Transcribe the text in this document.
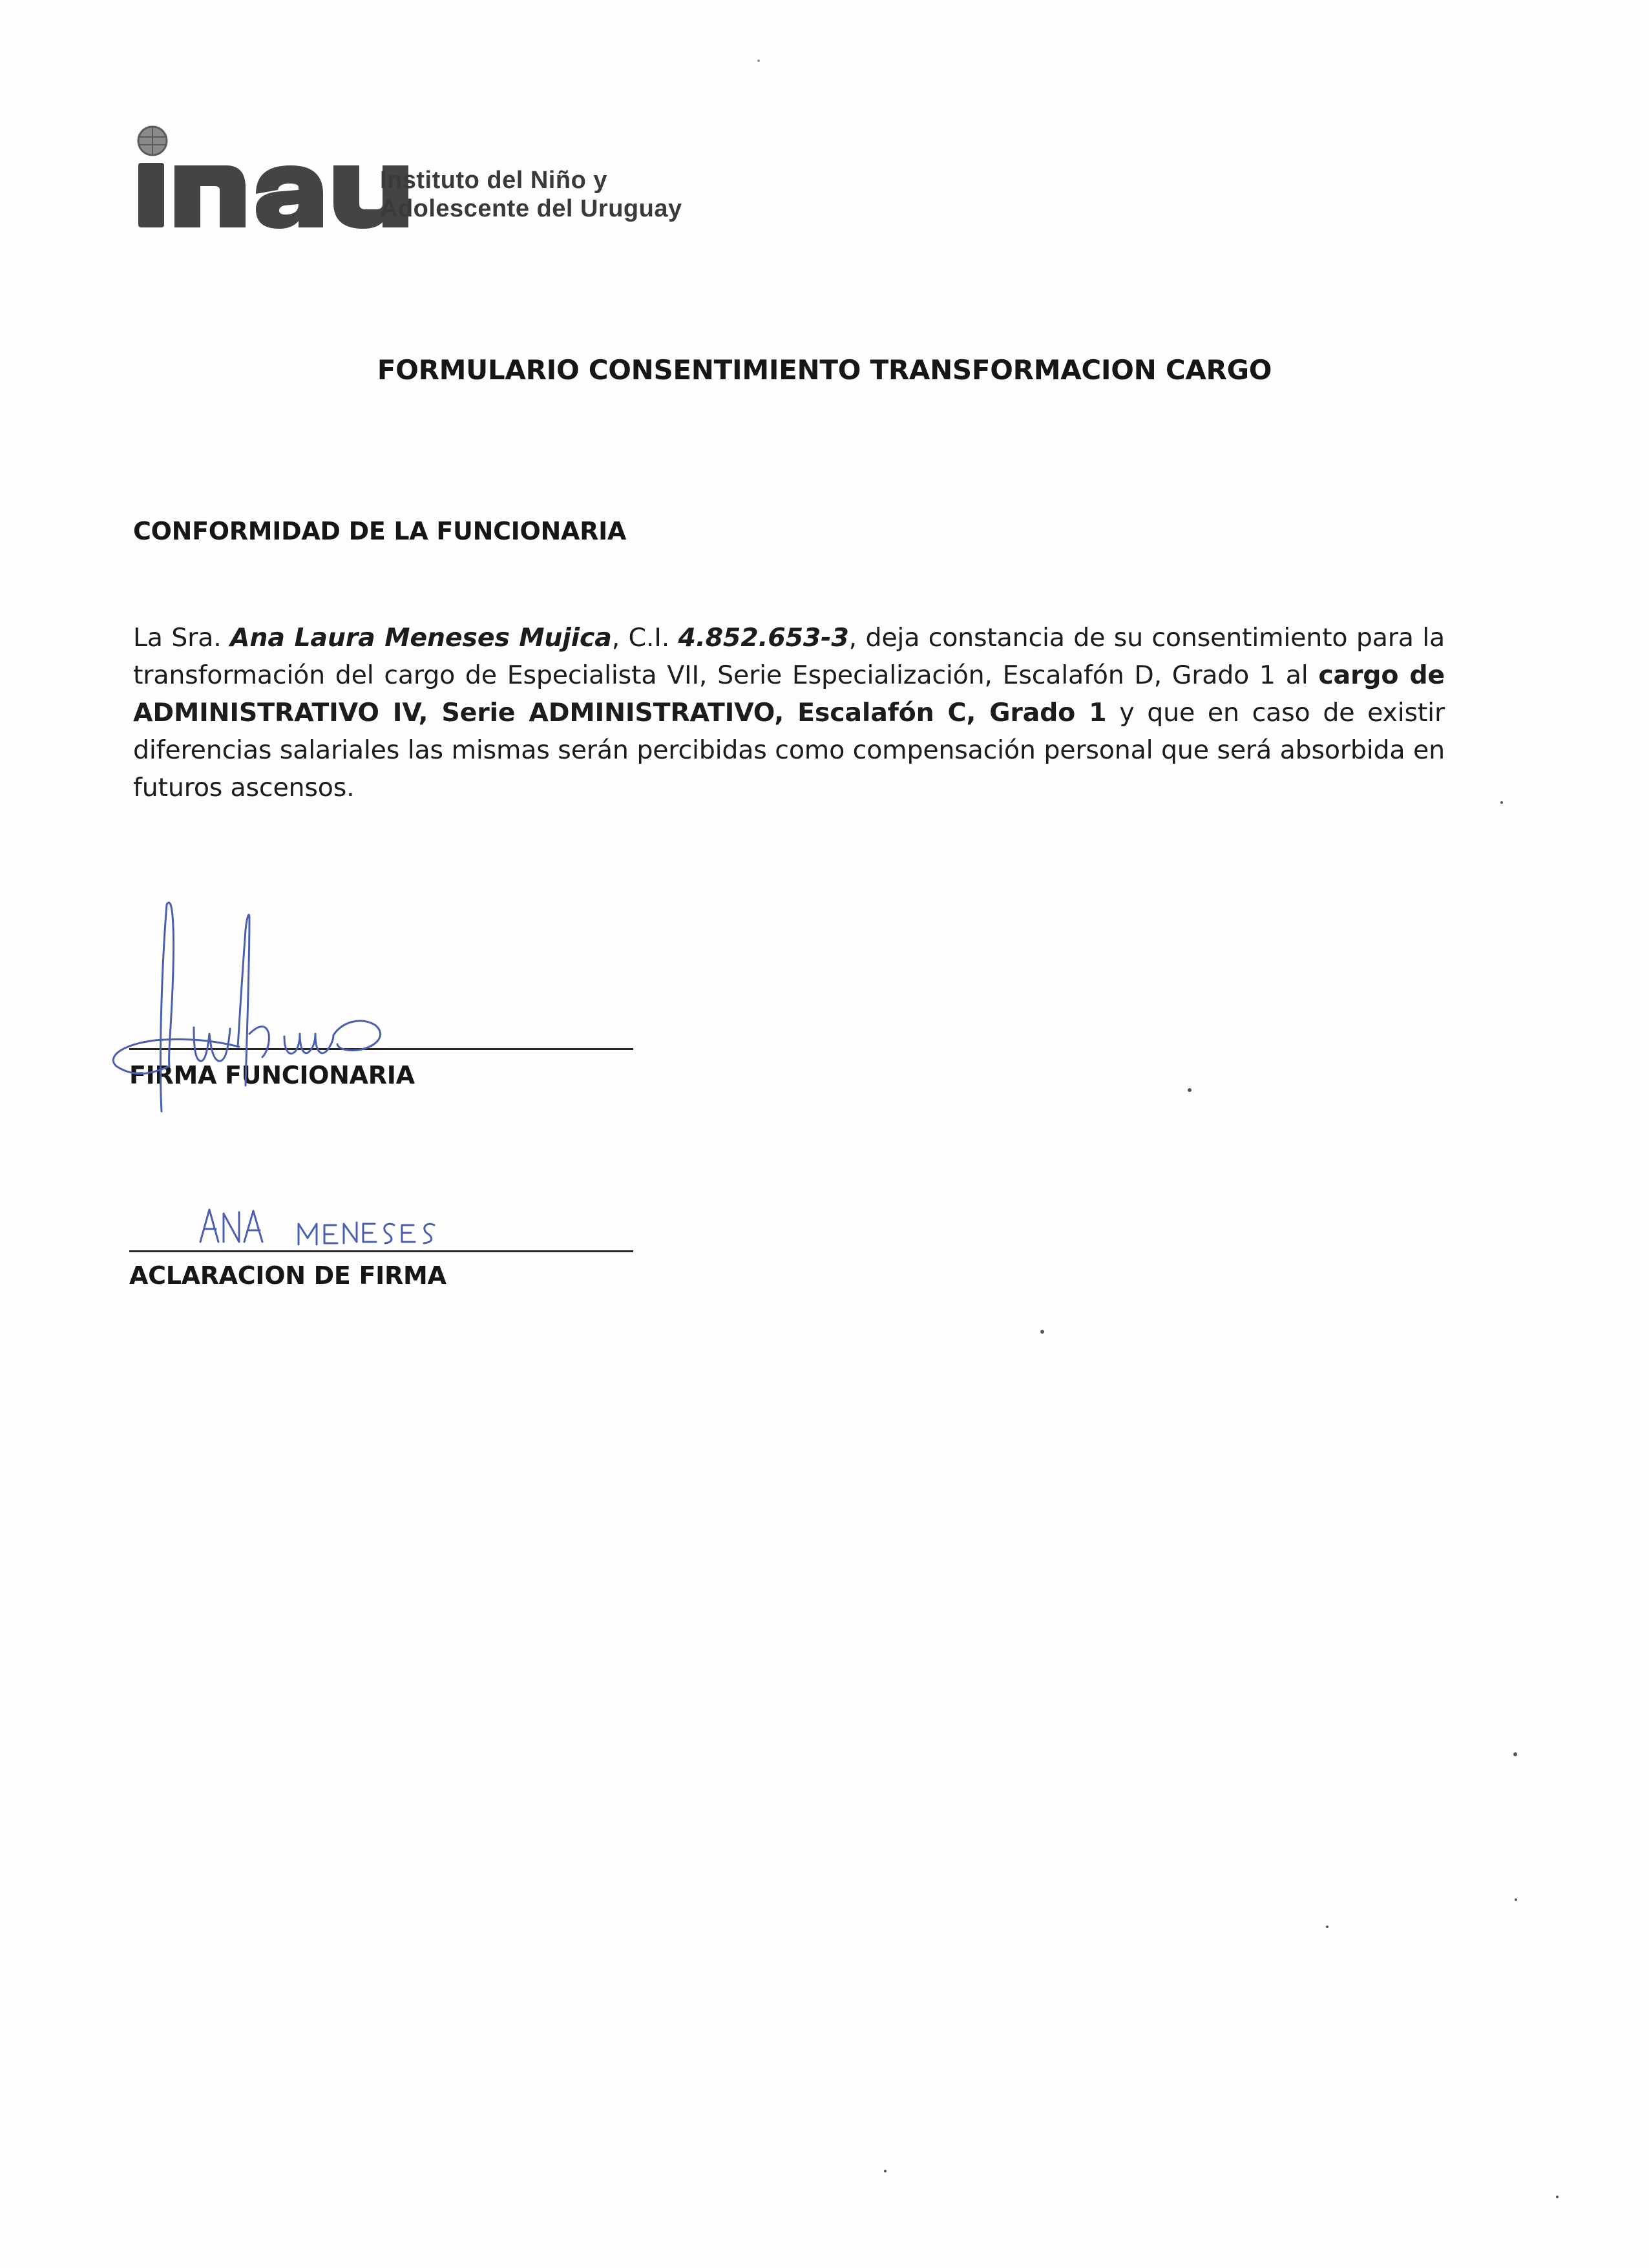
Instituto del Niño y
Adolescente del Uruguay
FORMULARIO CONSENTIMIENTO TRANSFORMACION CARGO
CONFORMIDAD DE LA FUNCIONARIA
La Sra. Ana Laura Meneses Mujica, C.I. 4.852.653-3, deja constancia de su consentimiento para la transformación del cargo de Especialista VII, Serie Especialización, Escalafón D, Grado 1 al cargo de ADMINISTRATIVO IV, Serie ADMINISTRATIVO, Escalafón C, Grado 1 y que en caso de existir diferencias salariales las mismas serán percibidas como compensación personal que será absorbida en futuros ascensos.
FIRMA FUNCIONARIA
ACLARACION DE FIRMA
